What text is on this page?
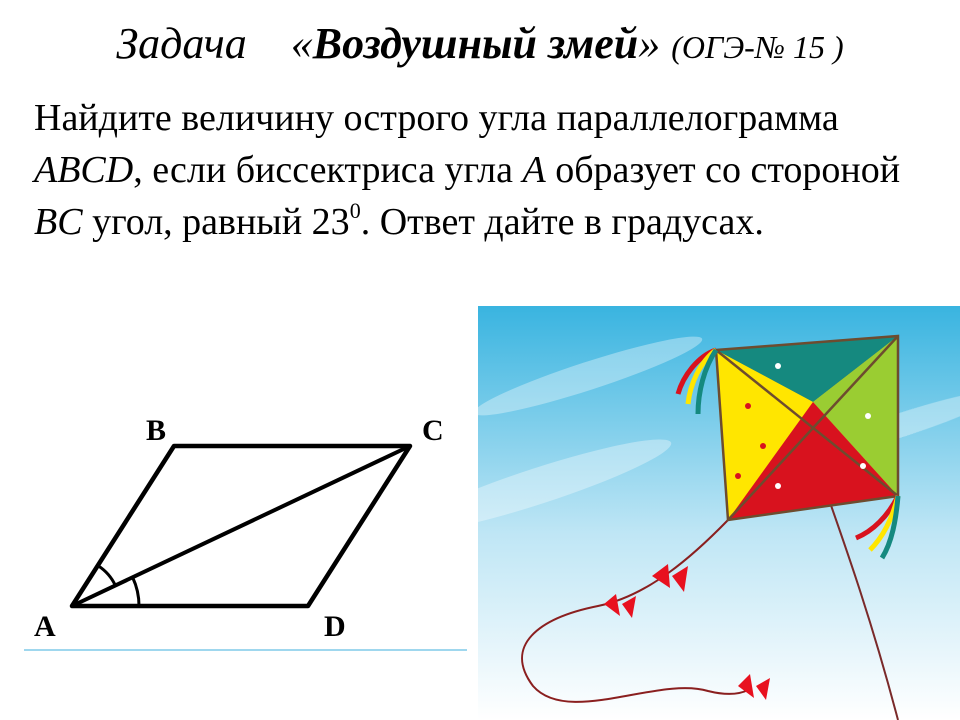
Задача «Воздушный змей» (ОГЭ-№ 15 )

Найдите величину острого угла параллелограмма ABCD, если биссектриса угла A образует со стороной BC угол, равный $23^0$. Ответ дайте в градусах.

A
B	C
D
